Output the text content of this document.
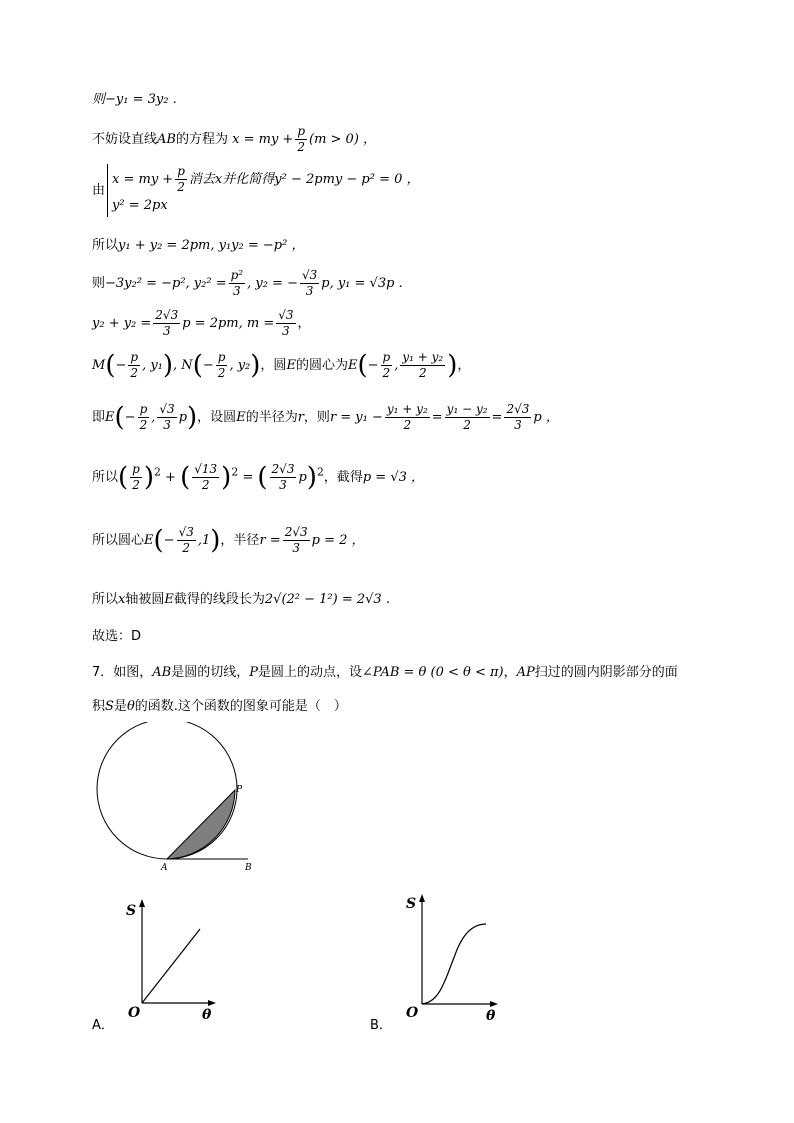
则−y₁ = 3y₂ .
不妨设直线AB的方程为 x = my + $\frac{p}{2} (m > 0)$ ，
由
x = my + $\frac{p}{2}$ 消去x并化简得y² − 2pmy − p² = 0 ，
y² = 2px
所以y₁ + y₂ = 2pm, y₁y₂ = −p² ，
则−3y₂² = −p², $y_2^2 = \frac{\text{p²}}{3}$ , y₂ = − $\frac{√3}{3} p$, y₁ = √3p .
$y_2 + y_2 = \frac{2√3}{3}$ p = 2pm, $m = \frac{√3}{3}$ ，
$M(- \frac{p}{2}$ , y₁), $N(- \frac{p}{2}$ , y₂)，圆E的圆心为$E(- \frac{p}{2}$ , $\frac{\text{y₁ + y₂}}{2}$ )，
即$E(- \frac{p}{2}$ , $\frac{√3}{3} p$)，设圆E的半径为r，则$r = y_1 - \frac{\text{y₁ + y₂}}{2} = \frac{\text{y₁ − y₂}}{2} = \frac{2√3}{3}$ p ，
所以( $\frac{p}{2} )^2$ + ( $\frac{√13}{2} )^2$ = ( $\frac{2√3}{3} p)^2$，截得p = √3 ，
所以圆心$E(- \frac{√3}{2} ,1)$，半径$r = \frac{2√3}{3}$ p = 2 ，
所以x轴被圆E截得的线段长为2√(2² − 1²) = 2√3 .
故选：D
7．如图，AB是圆的切线，P是圆上的动点，设∠PAB = θ (0 < θ < π)，AP扫过的圆内阴影部分的面
积S是θ的函数.这个函数的图象可能是（　）
P
A	B
S
O	θ
A．
S
O	θ
B．
